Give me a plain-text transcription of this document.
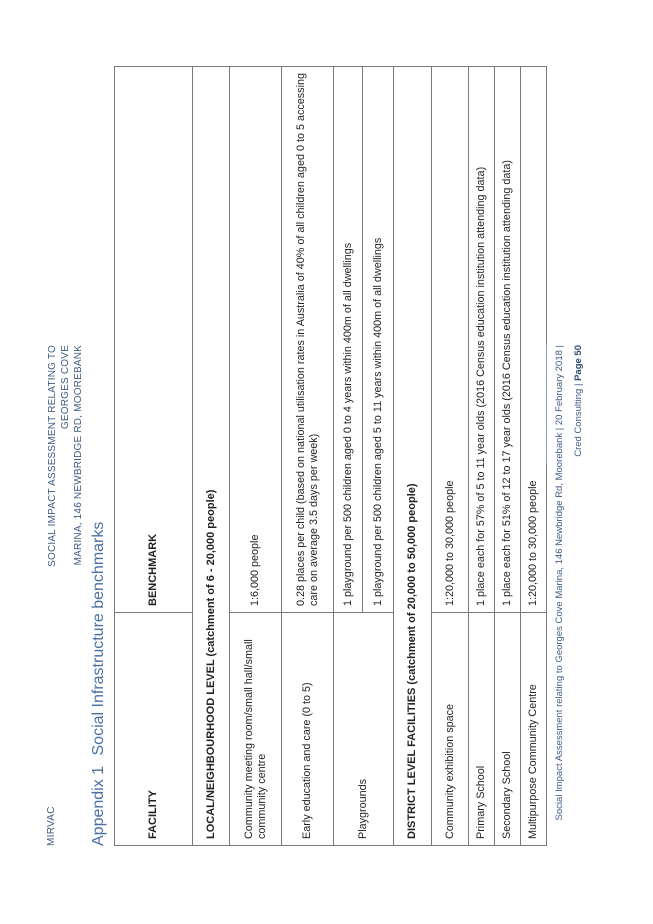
MIRVAC
SOCIAL IMPACT ASSESSMENT RELATING TO GEORGES COVE MARINA, 146 NEWBRIDGE RD, MOOREBANK
Appendix 1 Social Infrastructure benchmarks
FACILITY	BENCHMARK
LOCAL/NEIGHBOURHOOD LEVEL (catchment of 6 - 20,000 people)	
Community meeting room/small hall/small community centre	1:6,000 people
Early education and care (0 to 5)	0.28 places per child (based on national utilisation rates in Australia of 40% of all children aged 0 to 5 accessing care on average 3.5 days per week)
Playgrounds	1 playground per 500 children aged 0 to 4 years within 400m of all dwellings
	1 playground per 500 children aged 5 to 11 years within 400m of all dwellings
DISTRICT LEVEL FACILITIES (catchment of 20,000 to 50,000 people)	
Community exhibition space	1:20,000 to 30,000 people
Primary School	1 place each for 57% of 5 to 11 year olds (2016 Census education institution attending data)
Secondary School	1 place each for 51% of 12 to 17 year olds (2016 Census education institution attending data)
Multipurpose Community Centre	1:20,000 to 30,000 people Social Impact Assessment relating to Georges Cove Marina, 146 Newbridge Rd, Moorebank | 20 February 2018 | Cred Consulting | Page 50
